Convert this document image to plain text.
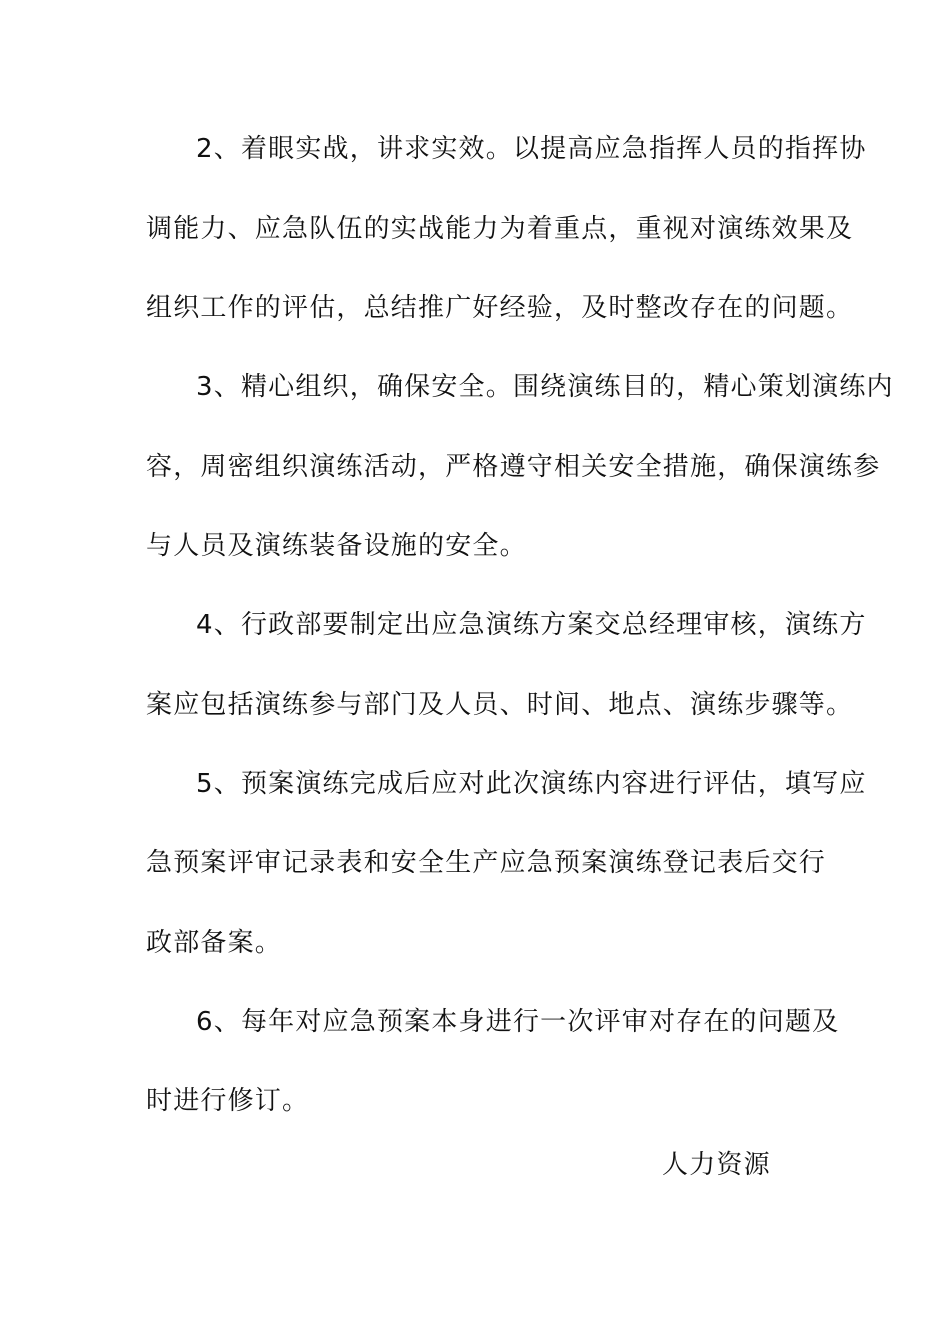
2、着眼实战，讲求实效。以提高应急指挥人员的指挥协
调能力、应急队伍的实战能力为着重点，重视对演练效果及
组织工作的评估，总结推广好经验，及时整改存在的问题。
3、精心组织，确保安全。围绕演练目的，精心策划演练内
容，周密组织演练活动，严格遵守相关安全措施，确保演练参
与人员及演练装备设施的安全。
4、行政部要制定出应急演练方案交总经理审核，演练方
案应包括演练参与部门及人员、时间、地点、演练步骤等。
5、预案演练完成后应对此次演练内容进行评估，填写应
急预案评审记录表和安全生产应急预案演练登记表后交行
政部备案。
6、每年对应急预案本身进行一次评审对存在的问题及
时进行修订。
人力资源
